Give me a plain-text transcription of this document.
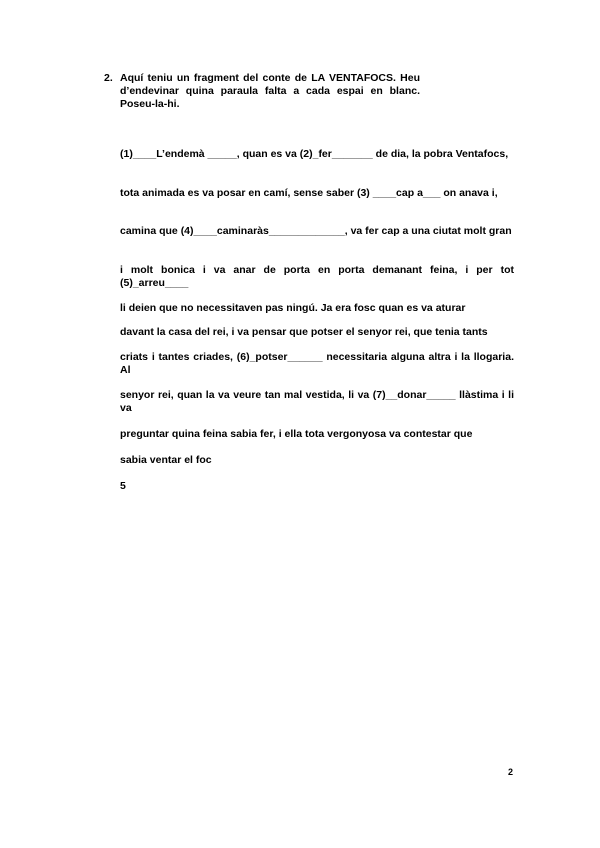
2. Aquí teniu un fragment del conte de LA VENTAFOCS. Heu d’endevinar quina paraula falta a cada espai en blanc. Poseu-la-hi.
(1)____L’endemà _____, quan es va (2)_fer_______ de dia, la pobra Ventafocs,
tota animada es va posar en camí, sense saber (3) ____cap a___ on anava i,
camina que (4)____caminaràs_____________, va fer cap a una ciutat molt gran
i molt bonica i va anar de porta en porta demanant feina, i per tot (5)_arreu____
li deien que no necessitaven pas ningú. Ja era fosc quan es va aturar
davant la casa del rei, i va pensar que potser el senyor rei, que tenia tants
criats i tantes criades, (6)_potser______ necessitaria alguna altra i la llogaria. Al
senyor rei, quan la va veure tan mal vestida, li va (7)__donar_____ llàstima i li va
preguntar quina feina sabia fer, i ella tota vergonyosa va contestar que
sabia ventar el foc
5
2
